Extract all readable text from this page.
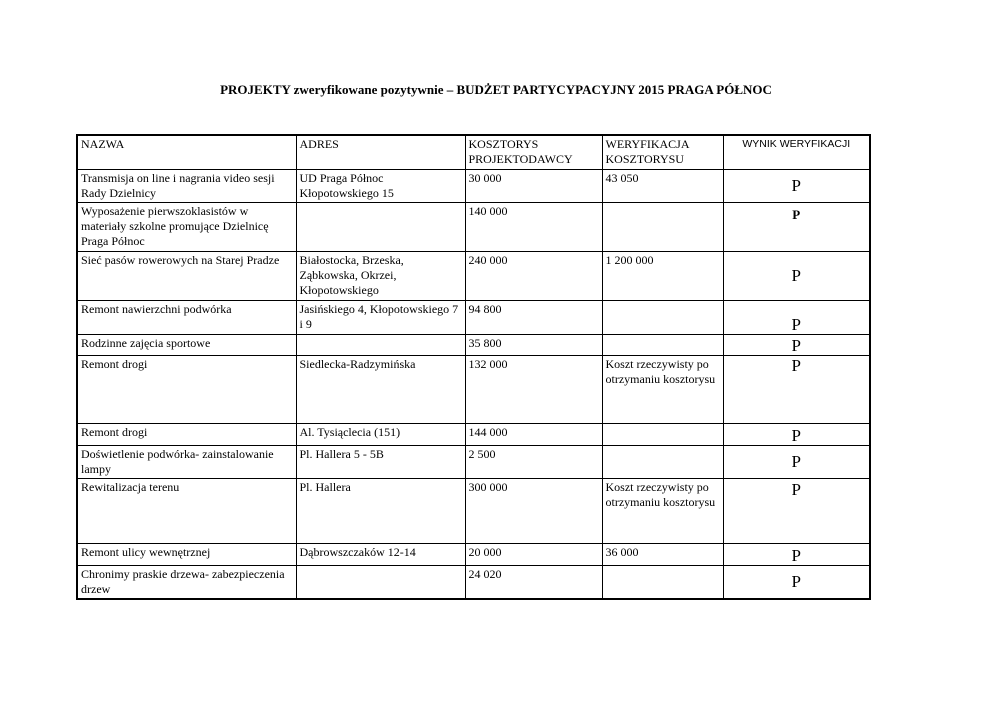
PROJEKTY zweryfikowane pozytywnie – BUDŻET PARTYCYPACYJNY 2015 PRAGA PÓŁNOC
NAZWA	ADRES	KOSZTORYS PROJEKTODAWCY	WERYFIKACJA KOSZTORYSU	WYNIK WERYFIKACJI
Transmisja on line i nagrania video sesji Rady Dzielnicy	UD Praga Północ Kłopotowskiego 15	30 000	43 050	P
Wyposażenie pierwszoklasistów w materiały szkolne promujące Dzielnicę Praga Północ		140 000		P
Sieć pasów rowerowych na Starej Pradze	Białostocka, Brzeska, Ząbkowska, Okrzei, Kłopotowskiego	240 000	1 200 000	P
Remont nawierzchni podwórka	Jasińskiego 4, Kłopotowskiego 7 i 9	94 800		P
Rodzinne zajęcia sportowe		35 800		P
Remont drogi	Siedlecka-Radzymińska	132 000	Koszt rzeczywisty po otrzymaniu kosztorysu	P
Remont drogi	Al. Tysiąclecia (151)	144 000		P
Doświetlenie podwórka- zainstalowanie lampy	Pl. Hallera 5 - 5B	2 500		P
Rewitalizacja terenu	Pl. Hallera	300 000	Koszt rzeczywisty po otrzymaniu kosztorysu	P
Remont ulicy wewnętrznej	Dąbrowszczaków 12-14	20 000	36 000	P
Chronimy praskie drzewa- zabezpieczenia drzew		24 020		P
